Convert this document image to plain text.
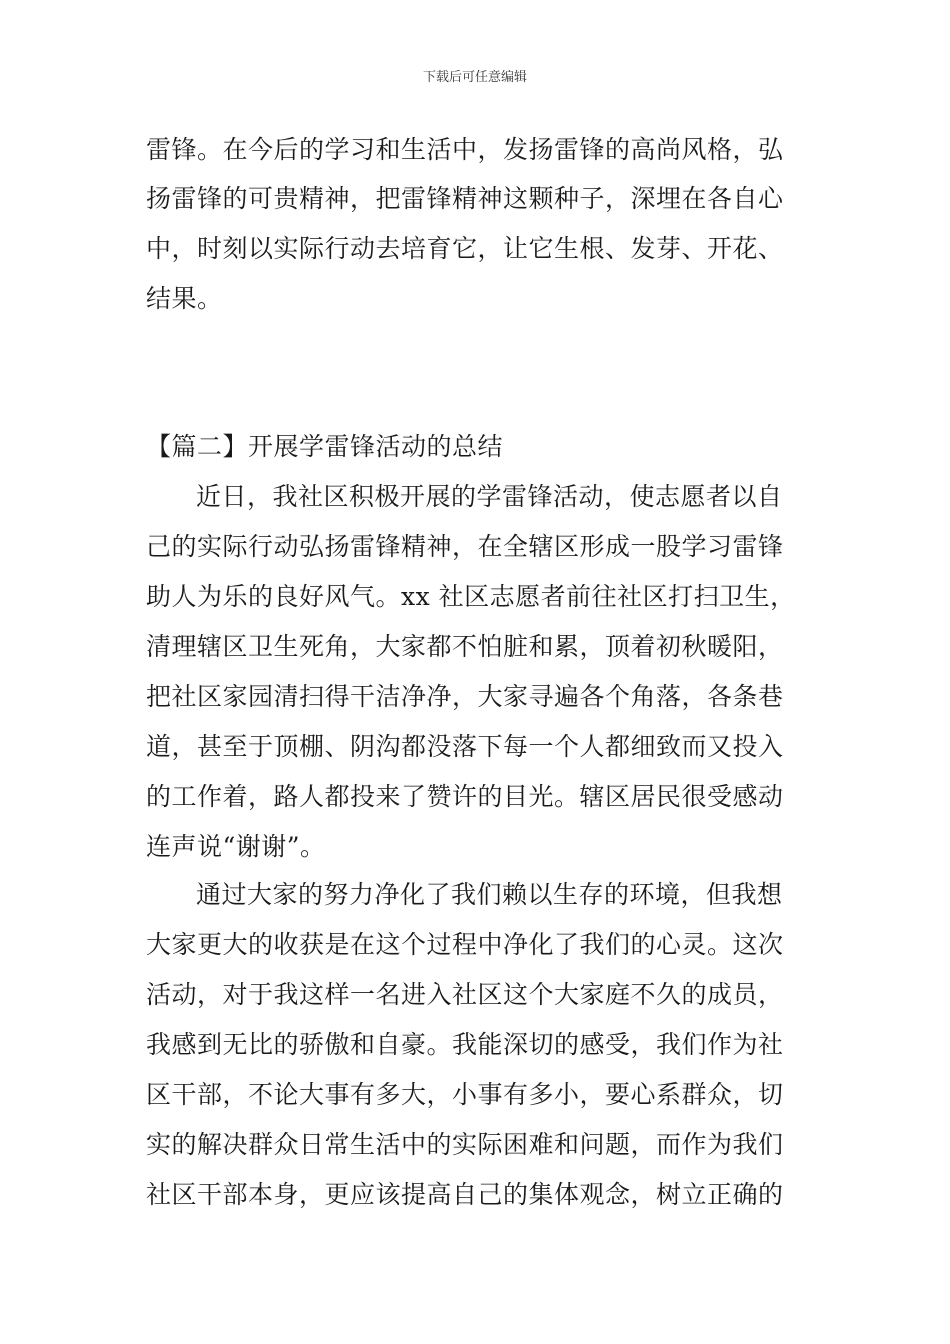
下载后可任意编辑

雷锋。在今后的学习和生活中，发扬雷锋的高尚风格，弘

扬雷锋的可贵精神，把雷锋精神这颗种子，深埋在各自心

中，时刻以实际行动去培育它，让它生根、发芽、开花、

结果。

【篇二】开展学雷锋活动的总结

近日，我社区积极开展的学雷锋活动，使志愿者以自

己的实际行动弘扬雷锋精神，在全辖区形成一股学习雷锋

助人为乐的良好风气。xx 社区志愿者前往社区打扫卫生，

清理辖区卫生死角，大家都不怕脏和累，顶着初秋暖阳，

把社区家园清扫得干洁净净，大家寻遍各个角落，各条巷

道，甚至于顶棚、阴沟都没落下每一个人都细致而又投入

的工作着，路人都投来了赞许的目光。辖区居民很受感动

连声说“谢谢”。

通过大家的努力净化了我们赖以生存的环境，但我想

大家更大的收获是在这个过程中净化了我们的心灵。这次

活动，对于我这样一名进入社区这个大家庭不久的成员，

我感到无比的骄傲和自豪。我能深切的感受，我们作为社

区干部，不论大事有多大，小事有多小，要心系群众，切

实的解决群众日常生活中的实际困难和问题，而作为我们

社区干部本身，更应该提高自己的集体观念，树立正确的
